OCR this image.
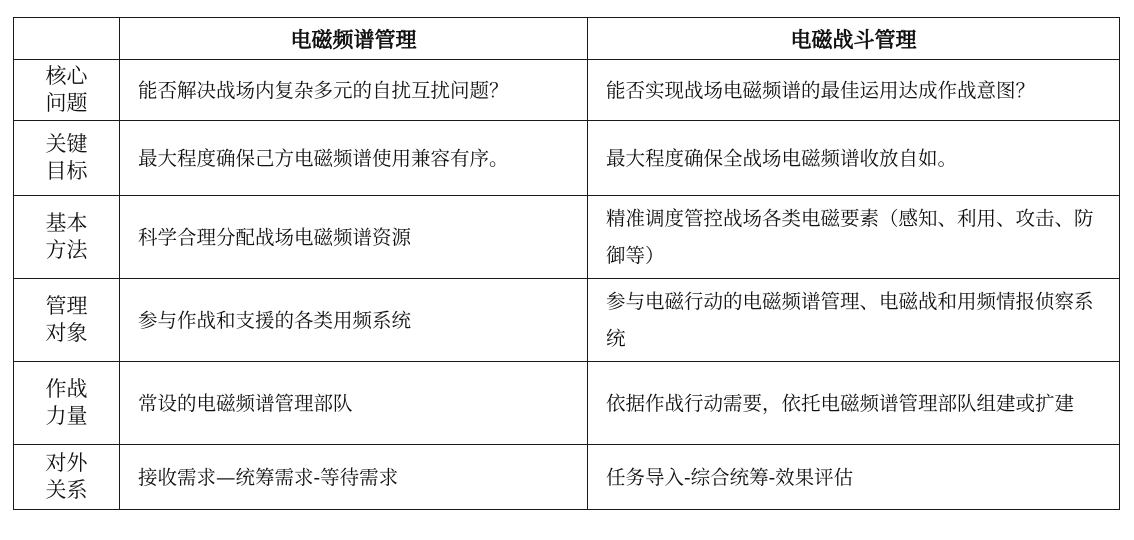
	电磁频谱管理	电磁战斗管理
核心
问题	能否解决战场内复杂多元的自扰互扰问题？	能否实现战场电磁频谱的最佳运用达成作战意图？
关键
目标	最大程度确保己方电磁频谱使用兼容有序。	最大程度确保全战场电磁频谱收放自如。
基本
方法	科学合理分配战场电磁频谱资源	精准调度管控战场各类电磁要素（感知、利用、攻击、防御等）
管理
对象	参与作战和支援的各类用频系统	参与电磁行动的电磁频谱管理、电磁战和用频情报侦察系统
作战
力量	常设的电磁频谱管理部队	依据作战行动需要，依托电磁频谱管理部队组建或扩建
对外
关系	接收需求—统筹需求-等待需求	任务导入-综合统筹-效果评估
